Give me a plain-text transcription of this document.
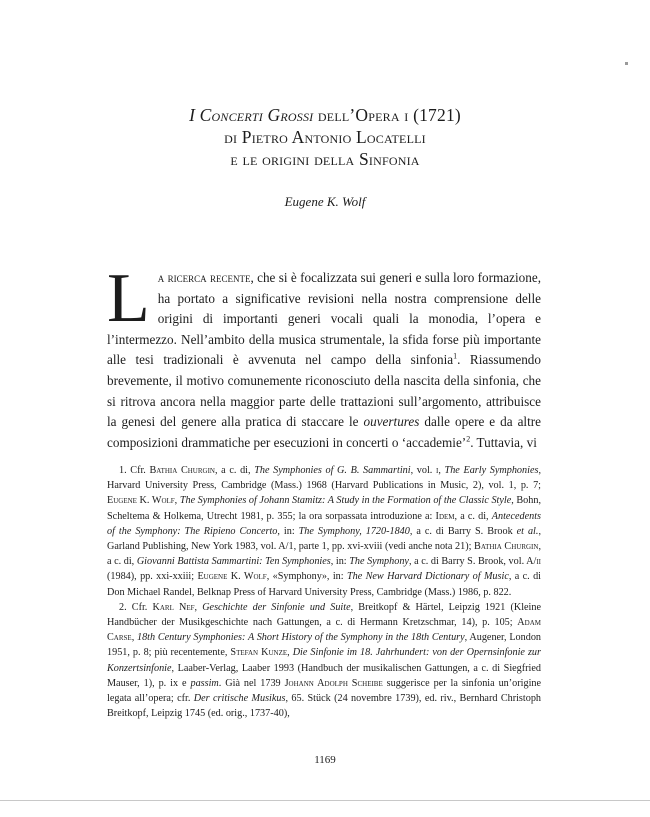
I Concerti Grossi dell’Opera i (1721)
di Pietro Antonio Locatelli
e le origini della Sinfonia
Eugene K. Wolf
La ricerca recente, che si è focalizzata sui generi e sulla loro formazione, ha portato a significative revisioni nella nostra comprensione delle origini di importanti generi vocali quali la monodia, l’opera e l’intermezzo. Nell’ambito della musica strumentale, la sfida forse più importante alle tesi tradizionali è avvenuta nel campo della sinfonia$^1$. Riassumendo brevemente, il motivo comunemente riconosciuto della nascita della sinfonia, che si ritrova ancora nella maggior parte delle trattazioni sull’argomento, attribuisce la genesi del genere alla pratica di staccare le ouvertures dalle opere e da altre composizioni drammatiche per esecuzioni in concerti o ‘accademie’$^2$. Tuttavia, vi

1. Cfr. Bathia Churgin, a c. di, The Symphonies of G. B. Sammartini, vol. i, The Early Symphonies, Harvard University Press, Cambridge (Mass.) 1968 (Harvard Publications in Music, 2), vol. 1, p. 7; Eugene K. Wolf, The Symphonies of Johann Stamitz: A Study in the Formation of the Classic Style, Bohn, Scheltema & Holkema, Utrecht 1981, p. 355; la ora sorpassata introduzione a: Idem, a c. di, Antecedents of the Symphony: The Ripieno Concerto, in: The Symphony, 1720-1840, a c. di Barry S. Brook et al., Garland Publishing, New York 1983, vol. A/1, parte 1, pp. xvi-xviii (vedi anche nota 21); Bathia Churgin, a c. di, Giovanni Battista Sammartini: Ten Symphonies, in: The Symphony, a c. di Barry S. Brook, vol. A/ii (1984), pp. xxi-xxiii; Eugene K. Wolf, «Symphony», in: The New Harvard Dictionary of Music, a c. di Don Michael Randel, Belknap Press of Harvard University Press, Cambridge (Mass.) 1986, p. 822.

2. Cfr. Karl Nef, Geschichte der Sinfonie und Suite, Breitkopf & Härtel, Leipzig 1921 (Kleine Handbücher der Musikgeschichte nach Gattungen, a c. di Hermann Kretzschmar, 14), p. 105; Adam Carse, 18th Century Symphonies: A Short History of the Symphony in the 18th Century, Augener, London 1951, p. 8; più recentemente, Stefan Kunze, Die Sinfonie im 18. Jahrhundert: von der Opernsinfonie zur Konzertsinfonie, Laaber-Verlag, Laaber 1993 (Handbuch der musikalischen Gattungen, a c. di Siegfried Mauser, 1), p. ix e passim. Già nel 1739 Johann Adolph Scheibe suggerisce per la sinfonia un’origine legata all’opera; cfr. Der critische Musikus, 65. Stück (24 novembre 1739), ed. riv., Bernhard Christoph Breitkopf, Leipzig 1745 (ed. orig., 1737-40),

1169
